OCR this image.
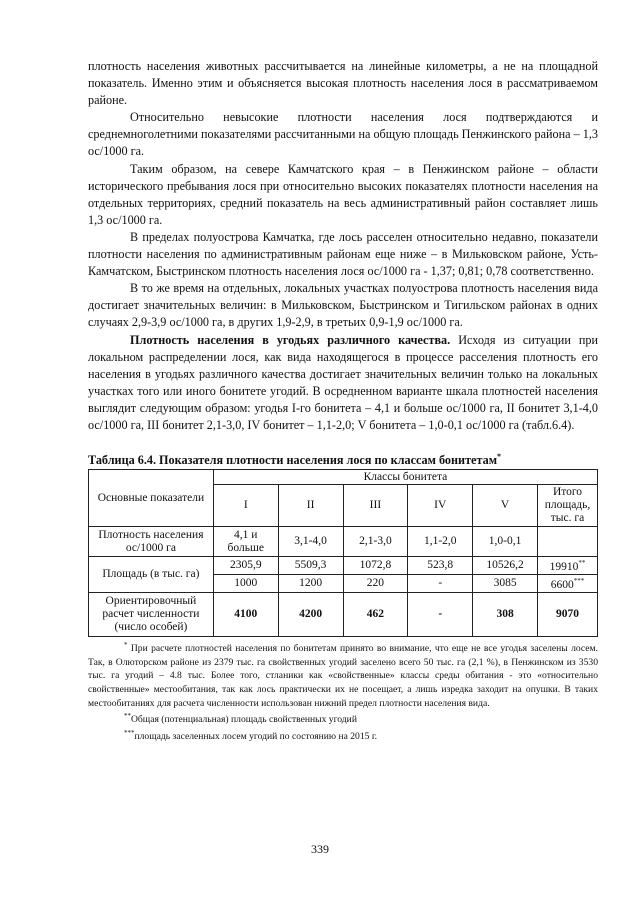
плотность населения животных рассчитывается на линейные километры, а не на площадной показатель. Именно этим и объясняется высокая плотность населения лося в рассматриваемом районе.

Относительно невысокие плотности населения лося подтверждаются и среднемноголетними показателями рассчитанными на общую площадь Пенжинского района – 1,3 ос/1000 га.

Таким образом, на севере Камчатского края – в Пенжинском районе – области исторического пребывания лося при относительно высоких показателях плотности населения на отдельных территориях, средний показатель на весь административный район составляет лишь 1,3 ос/1000 га.

В пределах полуострова Камчатка, где лось расселен относительно недавно, показатели плотности населения по административным районам еще ниже – в Мильковском районе, Усть-Камчатском, Быстринском плотность населения лося ос/1000 га - 1,37; 0,81; 0,78 соответственно.

В то же время на отдельных, локальных участках полуострова плотность населения вида достигает значительных величин: в Мильковском, Быстринском и Тигильском районах в одних случаях 2,9-3,9 ос/1000 га, в других 1,9-2,9, в третьих 0,9-1,9 ос/1000 га.

Плотность населения в угодьях различного качества. Исходя из ситуации при локальном распределении лося, как вида находящегося в процессе расселения плотность его населения в угодьях различного качества достигает значительных величин только на локальных участках того или иного бонитете угодий. В осредненном варианте шкала плотностей населения выглядит следующим образом: угодья I-го бонитета – 4,1 и больше ос/1000 га, II бонитет 3,1-4,0 ос/1000 га, III бонитет 2,1-3,0, IV бонитет – 1,1-2,0; V бонитета – 1,0-0,1 ос/1000 га (табл.6.4).

Таблица 6.4. Показателя плотности населения лося по классам бонитетам*
Основные показатели	Классы бонитета					
	I	II	III	IV	V	Итого площадь, тыс. га
Плотность населения ос/1000 га	4,1 и больше	3,1-4,0	2,1-3,0	1,1-2,0	1,0-0,1	
Площадь (в тыс. га)	2305,9	5509,3	1072,8	523,8	10526,2	19910**
	1000	1200	220	-	3085	6600***
Ориентировочный расчет численности (число особей)	4100	4200	462	-	308	9070

* При расчете плотностей населения по бонитетам принято во внимание, что еще не все угодья заселены лосем. Так, в Олюторском районе из 2379 тыс. га свойственных угодий заселено всего 50 тыс. га (2,1 %), в Пенжинском из 3530 тыс. га угодий – 4.8 тыс. Более того, стланики как «свойственные» классы среды обитания - это «относительно свойственные» местообитания, так как лось практически их не посещает, а лишь изредка заходит на опушки. В таких местообитаниях для расчета численности использован нижний предел плотности населения вида.

**Общая (потенциальная) площадь свойственных угодий

***площадь заселенных лосем угодий по состоянию на 2015 г.

339
